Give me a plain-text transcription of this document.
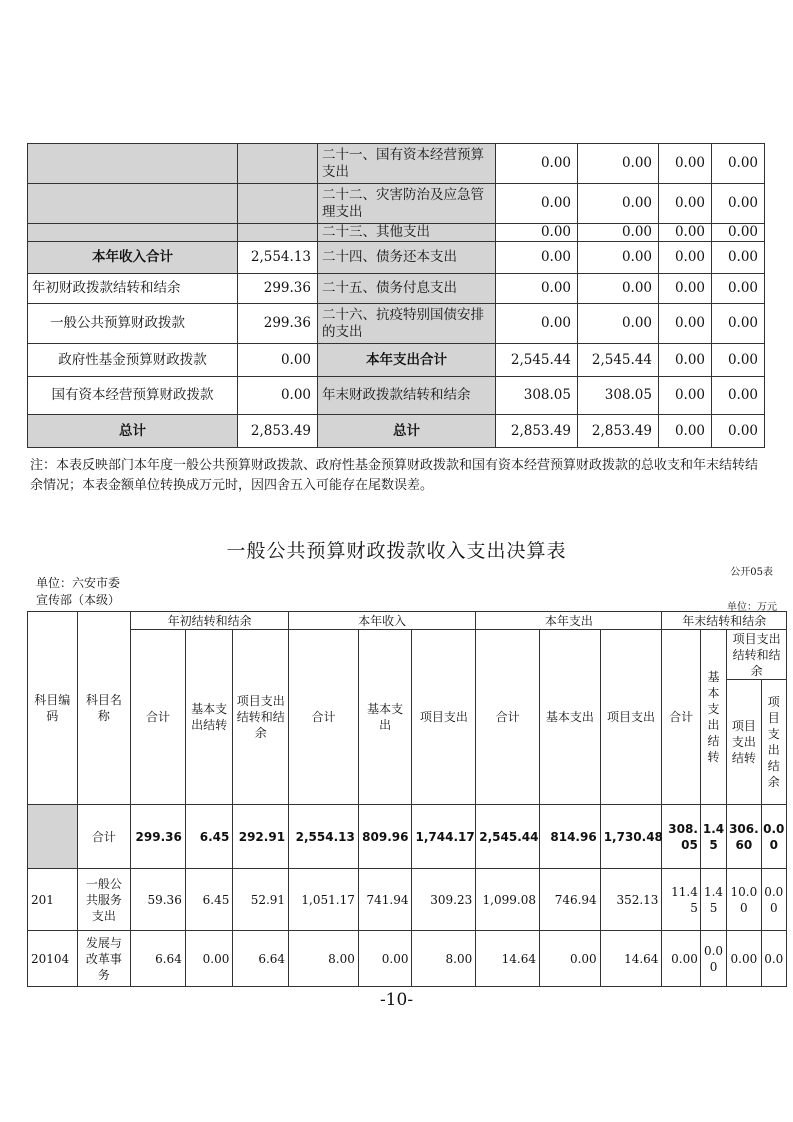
		二十一、国有资本经营预算支出	0.00	0.00	0.00	0.00
		二十二、灾害防治及应急管理支出	0.00	0.00	0.00	0.00
		二十三、其他支出	0.00	0.00	0.00	0.00
本年收入合计	2,554.13	二十四、债务还本支出	0.00	0.00	0.00	0.00
年初财政拨款结转和结余	299.36	二十五、债务付息支出	0.00	0.00	0.00	0.00
一般公共预算财政拨款	299.36	二十六、抗疫特别国债安排的支出	0.00	0.00	0.00	0.00
政府性基金预算财政拨款	0.00	本年支出合计	2,545.44	2,545.44	0.00	0.00
国有资本经营预算财政拨款	0.00	年末财政拨款结转和结余	308.05	308.05	0.00	0.00
总计	2,853.49	总计	2,853.49	2,853.49	0.00	0.00
注：本表反映部门本年度一般公共预算财政拨款、政府性基金预算财政拨款和国有资本经营预算财政拨款的总收支和年末结转结余情况；本表金额单位转换成万元时，因四舍五入可能存在尾数误差。
一般公共预算财政拨款收入支出决算表
公开05表
单位：六安市委
宣传部（本级）
单位：万元
科目编码	科目名称	年初结转和结余			本年收入			本年支出			年末结转和结余			
		合计	基本支出结转	项目支出结转和结余	合计	基本支出	项目支出	合计	基本支出	项目支出	合计	基本支出结转	项目支出结转和结余	
													项目支出结转	项目支出结余
	合计	299.36	6.45	292.91	2,554.13	809.96	1,744.17	2,545.44	814.96	1,730.48	308.05	1.45	306.60	0.00
201	一般公共服务支出	59.36	6.45	52.91	1,051.17	741.94	309.23	1,099.08	746.94	352.13	11.45	1.45	10.00	0.00
20104	发展与改革事务	6.64	0.00	6.64	8.00	0.00	8.00	14.64	0.00	14.64	0.00	0.00	0.00	0.0
-10-
